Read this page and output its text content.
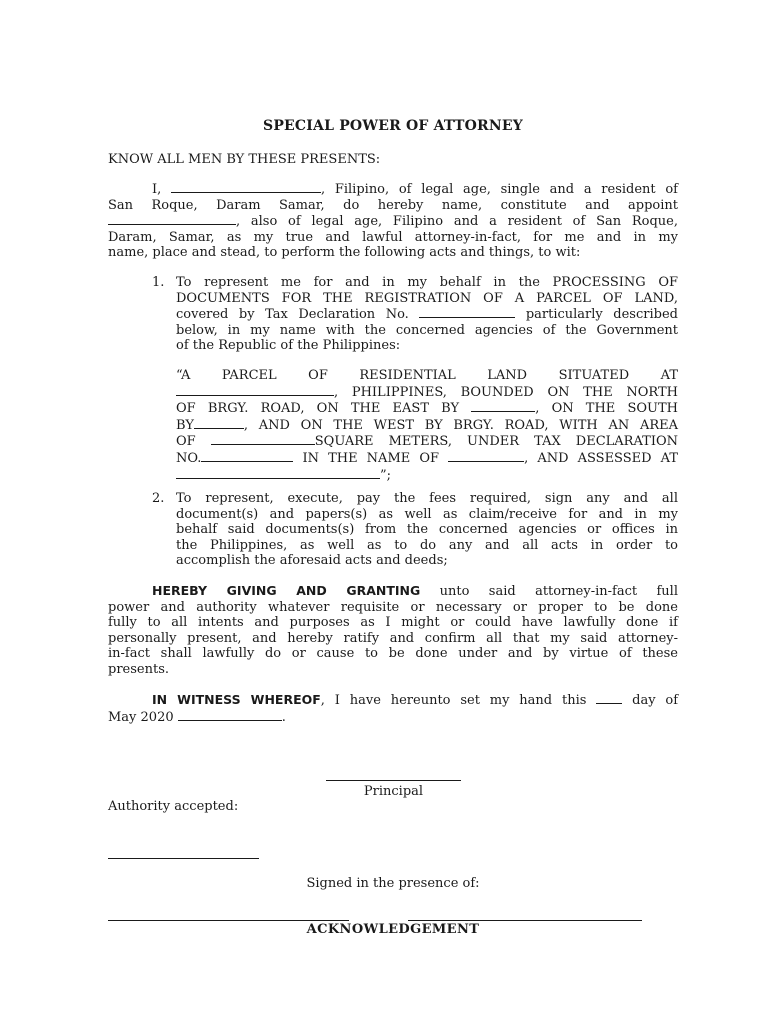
SPECIAL POWER OF ATTORNEY
KNOW ALL MEN BY THESE PRESENTS:
I,	, Filipino, of legal age, single and a resident of
San Roque, Daram Samar, do hereby name, constitute and appoint
, also of legal age, Filipino and a resident of San Roque,
Daram, Samar, as my true and lawful attorney-in-fact, for me and in my
name, place and stead, to perform the following acts and things, to wit:
1. To represent me for and in my behalf in the PROCESSING OF
DOCUMENTS FOR THE REGISTRATION OF A PARCEL OF LAND,
covered by Tax Declaration No.	particularly described
below, in my name with the concerned agencies of the Government
of the Republic of the Philippines:
“A PARCEL OF RESIDENTIAL LAND SITUATED AT
, PHILIPPINES, BOUNDED ON THE NORTH
OF BRGY. ROAD, ON THE EAST BY	, ON THE SOUTH
BY	, AND ON THE WEST BY BRGY. ROAD, WITH AN AREA
OF	SQUARE METERS, UNDER TAX DECLARATION
NO.	IN THE NAME OF	, AND ASSESSED AT
”;
2. To represent, execute, pay the fees required, sign any and all
document(s) and papers(s) as well as claim/receive for and in my
behalf said documents(s) from the concerned agencies or offices in
the Philippines, as well as to do any and all acts in order to
accomplish the aforesaid acts and deeds;
HEREBY GIVING AND GRANTING unto said attorney-in-fact full
power and authority whatever requisite or necessary or proper to be done
fully to all intents and purposes as I might or could have lawfully done if
personally present, and hereby ratify and confirm all that my said attorney-
in-fact shall lawfully do or cause to be done under and by virtue of these
presents.
IN WITNESS WHEREOF, I have hereunto set my hand this	day of
May 2020	.
Principal
Authority accepted:
Signed in the presence of:
ACKNOWLEDGEMENT
